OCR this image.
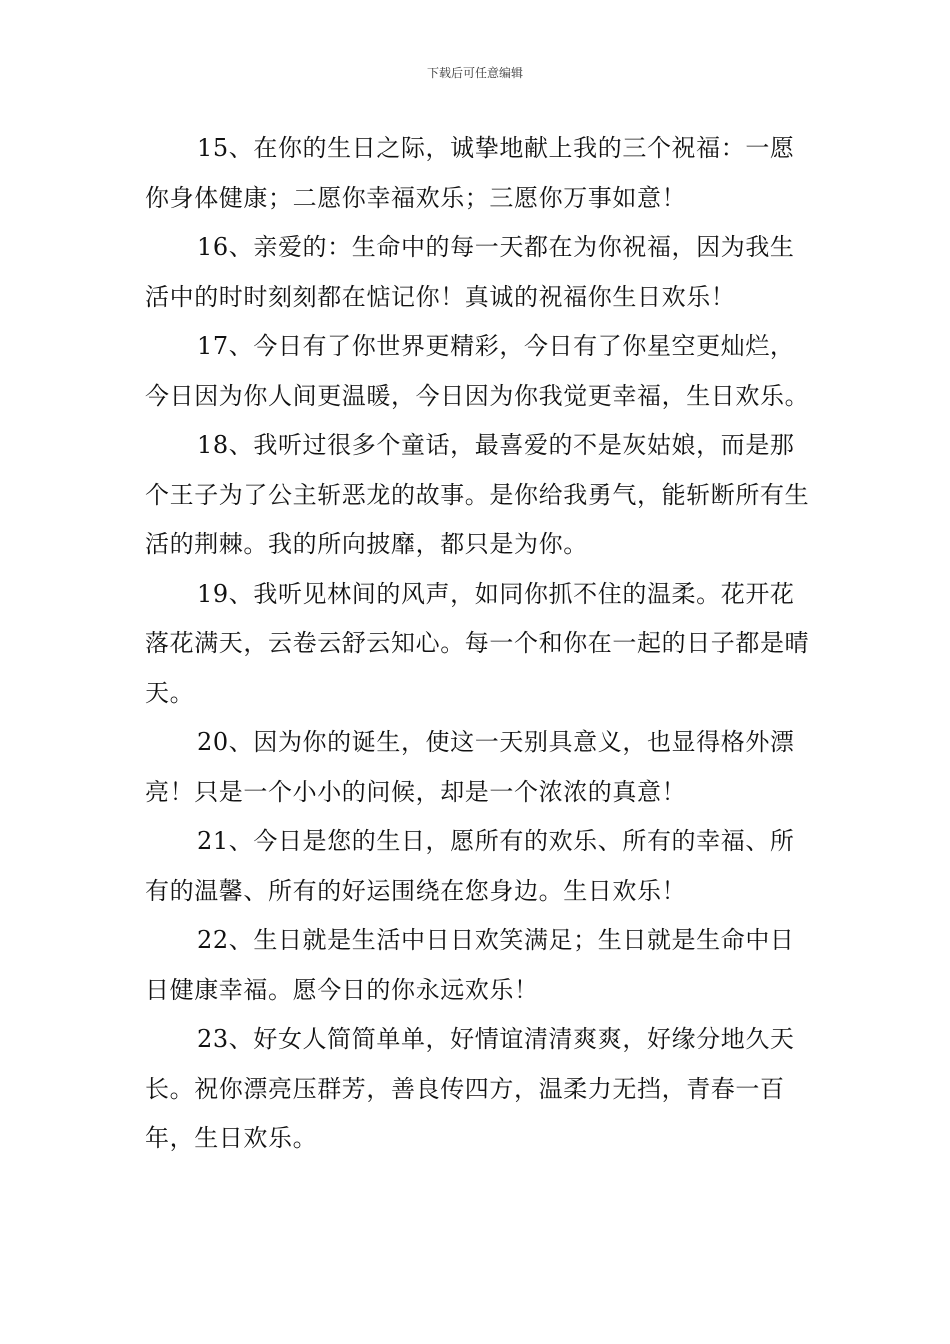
下载后可任意编辑

15、在你的生日之际，诚挚地献上我的三个祝福：一愿你身体健康；二愿你幸福欢乐；三愿你万事如意！

16、亲爱的：生命中的每一天都在为你祝福，因为我生活中的时时刻刻都在惦记你！真诚的祝福你生日欢乐！

17、今日有了你世界更精彩，今日有了你星空更灿烂，今日因为你人间更温暖，今日因为你我觉更幸福，生日欢乐。

18、我听过很多个童话，最喜爱的不是灰姑娘，而是那个王子为了公主斩恶龙的故事。是你给我勇气，能斩断所有生活的荆棘。我的所向披靡，都只是为你。

19、我听见林间的风声，如同你抓不住的温柔。花开花落花满天，云卷云舒云知心。每一个和你在一起的日子都是晴天。

20、因为你的诞生，使这一天别具意义，也显得格外漂亮！只是一个小小的问候，却是一个浓浓的真意！

21、今日是您的生日，愿所有的欢乐、所有的幸福、所有的温馨、所有的好运围绕在您身边。生日欢乐！

22、生日就是生活中日日欢笑满足；生日就是生命中日日健康幸福。愿今日的你永远欢乐！

23、好女人简简单单，好情谊清清爽爽，好缘分地久天长。祝你漂亮压群芳，善良传四方，温柔力无挡，青春一百年，生日欢乐。
